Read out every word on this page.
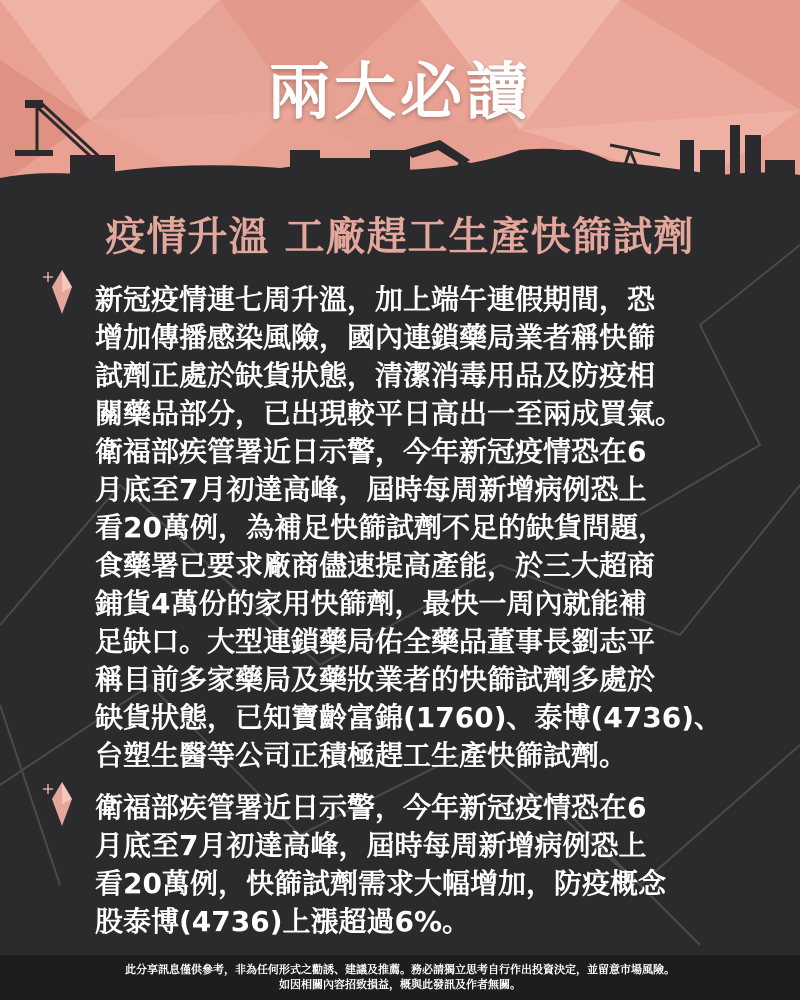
兩大必讀
疫情升溫 工廠趕工生產快篩試劑
新冠疫情連七周升溫，加上端午連假期間，恐
增加傳播感染風險，國內連鎖藥局業者稱快篩
試劑正處於缺貨狀態，清潔消毒用品及防疫相
關藥品部分，已出現較平日高出一至兩成買氣。
衛福部疾管署近日示警，今年新冠疫情恐在6
月底至7月初達高峰，屆時每周新增病例恐上
看20萬例，為補足快篩試劑不足的缺貨問題，
食藥署已要求廠商儘速提高產能，於三大超商
鋪貨4萬份的家用快篩劑，最快一周內就能補
足缺口。大型連鎖藥局佑全藥品董事長劉志平
稱目前多家藥局及藥妝業者的快篩試劑多處於
缺貨狀態，已知寶齡富錦(1760)、泰博(4736)、
台塑生醫等公司正積極趕工生產快篩試劑。
衛福部疾管署近日示警，今年新冠疫情恐在6
月底至7月初達高峰，屆時每周新增病例恐上
看20萬例，快篩試劑需求大幅增加，防疫概念
股泰博(4736)上漲超過6%。
此分享訊息僅供參考，非為任何形式之勸誘、建議及推薦。務必請獨立思考自行作出投資決定，並留意市場風險。
如因相關內容招致損益，概與此發訊及作者無關。
